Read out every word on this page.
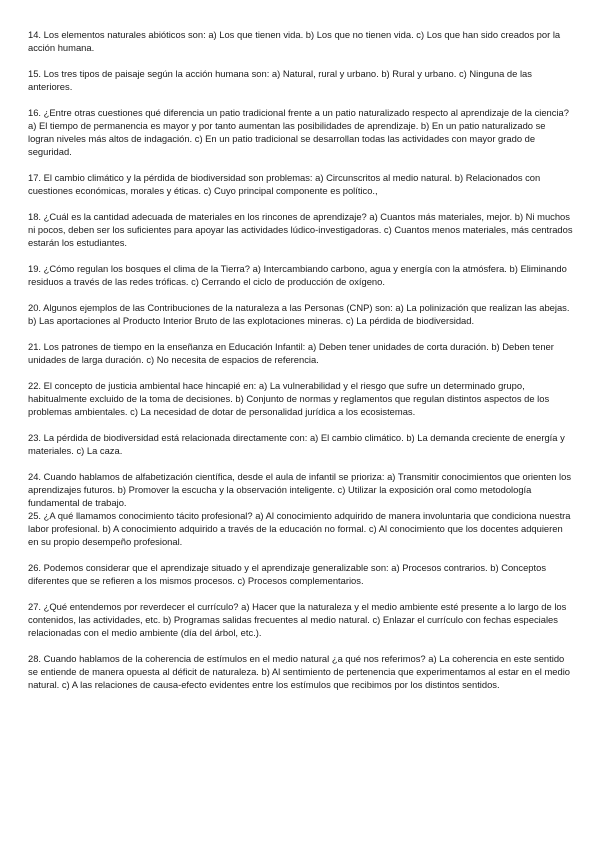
14. Los elementos naturales abióticos son: a) Los que tienen vida. b) Los que no tienen vida. c) Los que han sido creados por la acción humana.

15. Los tres tipos de paisaje según la acción humana son: a) Natural, rural y urbano. b) Rural y urbano. c) Ninguna de las anteriores.

16. ¿Entre otras cuestiones qué diferencia un patio tradicional frente a un patio naturalizado respecto al aprendizaje de la ciencia? a) El tiempo de permanencia es mayor y por tanto aumentan las posibilidades de aprendizaje. b) En un patio naturalizado se logran niveles más altos de indagación. c) En un patio tradicional se desarrollan todas las actividades con mayor grado de seguridad.

17. El cambio climático y la pérdida de biodiversidad son problemas: a) Circunscritos al medio natural. b) Relacionados con cuestiones económicas, morales y éticas. c) Cuyo principal componente es político.,

18. ¿Cuál es la cantidad adecuada de materiales en los rincones de aprendizaje? a) Cuantos más materiales, mejor. b) Ni muchos ni pocos, deben ser los suficientes para apoyar las actividades lúdico-investigadoras. c) Cuantos menos materiales, más centrados estarán los estudiantes.

19. ¿Cómo regulan los bosques el clima de la Tierra? a) Intercambiando carbono, agua y energía con la atmósfera. b) Eliminando residuos a través de las redes tróficas. c) Cerrando el ciclo de producción de oxígeno.

20. Algunos ejemplos de las Contribuciones de la naturaleza a las Personas (CNP) son: a) La polinización que realizan las abejas. b) Las aportaciones al Producto Interior Bruto de las explotaciones mineras. c) La pérdida de biodiversidad.

21. Los patrones de tiempo en la enseñanza en Educación Infantil: a) Deben tener unidades de corta duración. b) Deben tener unidades de larga duración. c) No necesita de espacios de referencia.

22. El concepto de justicia ambiental hace hincapié en: a) La vulnerabilidad y el riesgo que sufre un determinado grupo, habitualmente excluido de la toma de decisiones. b) Conjunto de normas y reglamentos que regulan distintos aspectos de los problemas ambientales. c) La necesidad de dotar de personalidad jurídica a los ecosistemas.

23. La pérdida de biodiversidad está relacionada directamente con: a) El cambio climático. b) La demanda creciente de energía y materiales. c) La caza.

24. Cuando hablamos de alfabetización científica, desde el aula de infantil se prioriza: a) Transmitir conocimientos que orienten los aprendizajes futuros. b) Promover la escucha y la observación inteligente. c) Utilizar la exposición oral como metodología fundamental de trabajo.

25. ¿A qué llamamos conocimiento tácito profesional? a) Al conocimiento adquirido de manera involuntaria que condiciona nuestra labor profesional. b) A conocimiento adquirido a través de la educación no formal. c) Al conocimiento que los docentes adquieren en su propio desempeño profesional.

26. Podemos considerar que el aprendizaje situado y el aprendizaje generalizable son: a) Procesos contrarios. b) Conceptos diferentes que se refieren a los mismos procesos. c) Procesos complementarios.

27. ¿Qué entendemos por reverdecer el currículo? a) Hacer que la naturaleza y el medio ambiente esté presente a lo largo de los contenidos, las actividades, etc. b) Programas salidas frecuentes al medio natural. c) Enlazar el currículo con fechas especiales relacionadas con el medio ambiente (día del árbol, etc.).

28. Cuando hablamos de la coherencia de estímulos en el medio natural ¿a qué nos referimos? a) La coherencia en este sentido se entiende de manera opuesta al déficit de naturaleza. b) Al sentimiento de pertenencia que experimentamos al estar en el medio natural. c) A las relaciones de causa-efecto evidentes entre los estímulos que recibimos por los distintos sentidos.
